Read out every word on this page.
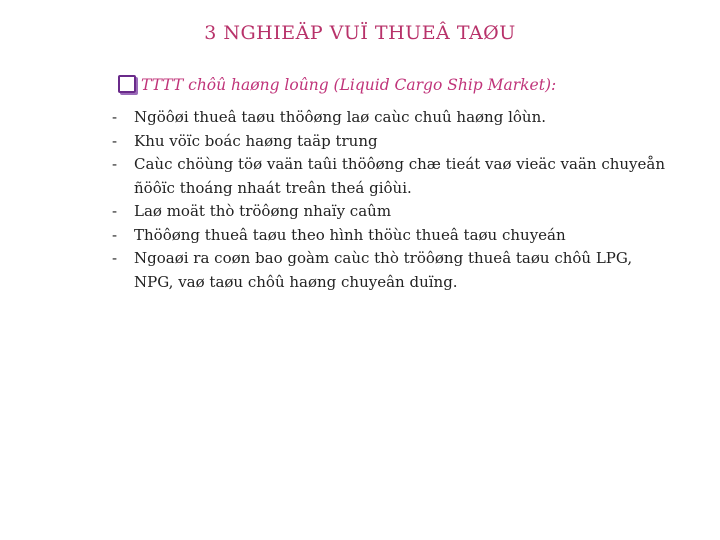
3 NGHIEÄP VUÏ THUEÂ TAØU
TTTT chôû haøng loûng (Liquid Cargo Ship Market):
- Ngöôøi thueâ taøu thöôøng laø caùc chuû haøng lôùn.
- Khu vöïc boác haøng taäp trung
- Caùc chöùng töø vaän taûi thöôøng chæ tieát vaø vieäc vaän chuyeån ñöôïc thoáng nhaát treân theá giôùi.
- Laø moät thò tröôøng nhaïy caûm
- Thöôøng thueâ taøu theo hình thöùc thueâ taøu chuyeán
- Ngoaøi ra coøn bao goàm caùc thò tröôøng thueâ taøu chôû LPG, NPG, vaø taøu chôû haøng chuyeân duïng.
